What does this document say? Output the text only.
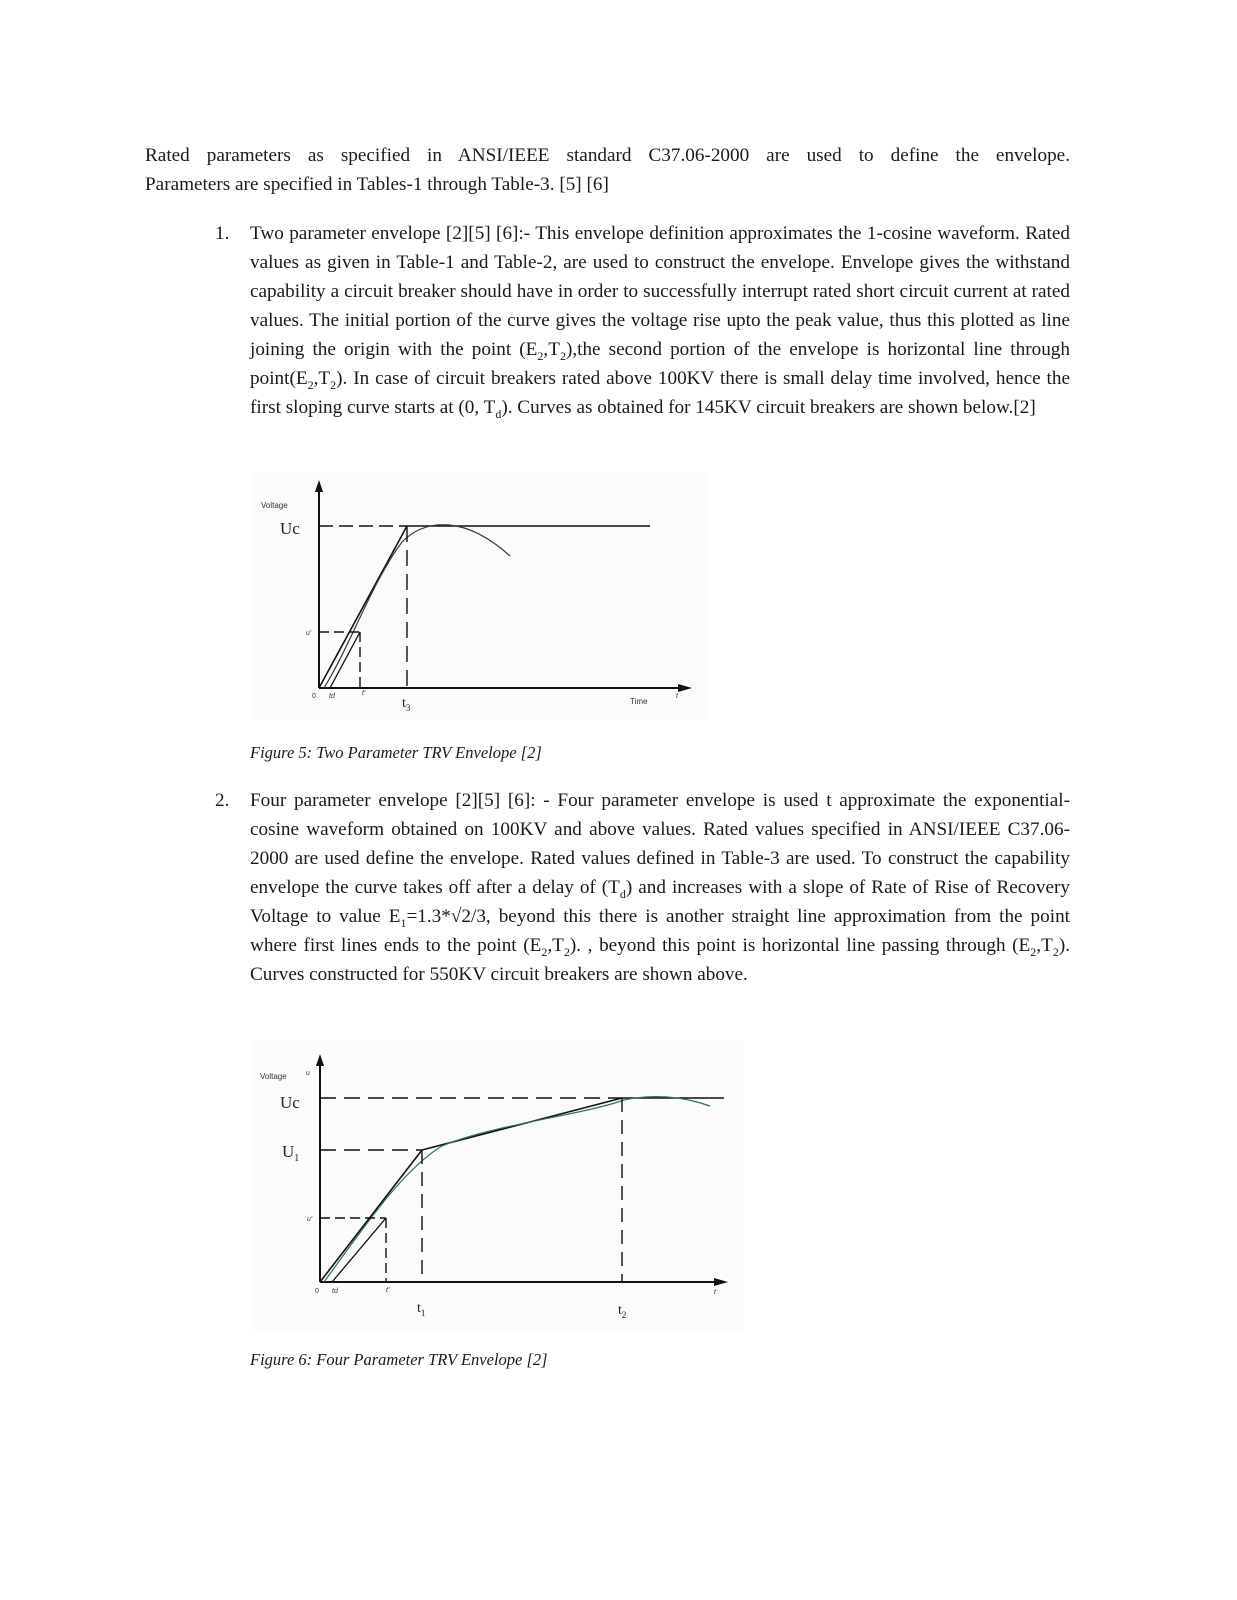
Rated parameters as specified in ANSI/IEEE standard C37.06-2000 are used to define the envelope.
Parameters are specified in Tables-1 through Table-3. [5] [6]
1. Two parameter envelope [2][5] [6]:- This envelope definition approximates the 1-cosine waveform. Rated values as given in Table-1 and Table-2, are used to construct the envelope. Envelope gives the withstand capability a circuit breaker should have in order to successfully interrupt rated short circuit current at rated values. The initial portion of the curve gives the voltage rise upto the peak value, thus this plotted as line joining the origin with the point $(E_2,T_2),the$ second portion of the envelope is horizontal line through $point(E_2,T_2)$. In case of circuit breakers rated above 100KV there is small delay time involved, hence the first sloping curve starts at (0, $T_d$). Curves as obtained for 145KV circuit breakers are shown below.[2]
Voltage
Uc
u'
0 td	t'
$t_3$
Time
t
Figure 5: Two Parameter TRV Envelope [2]
2. Four parameter envelope [2][5] [6]: - Four parameter envelope is used t approximate the exponential-cosine waveform obtained on 100KV and above values. Rated values specified in ANSI/IEEE C37.06-2000 are used define the envelope. Rated values defined in Table-3 are used. To construct the capability envelope the curve takes off after a delay of $(T_d)$ and increases with a slope of Rate of Rise of Recovery Voltage to value $E_1=1.3*√2/3$, beyond this there is another straight line approximation from the point where first lines ends to the point $(E_2,T_2)$. , beyond this point is horizontal line passing through $(E_2,T_2)$. Curves constructed for 550KV circuit breakers are shown above.
Voltage	u
Uc
$U_1$
u'
0 td	t'
$t_1$	$t_2$
t
Figure 6: Four Parameter TRV Envelope [2]
